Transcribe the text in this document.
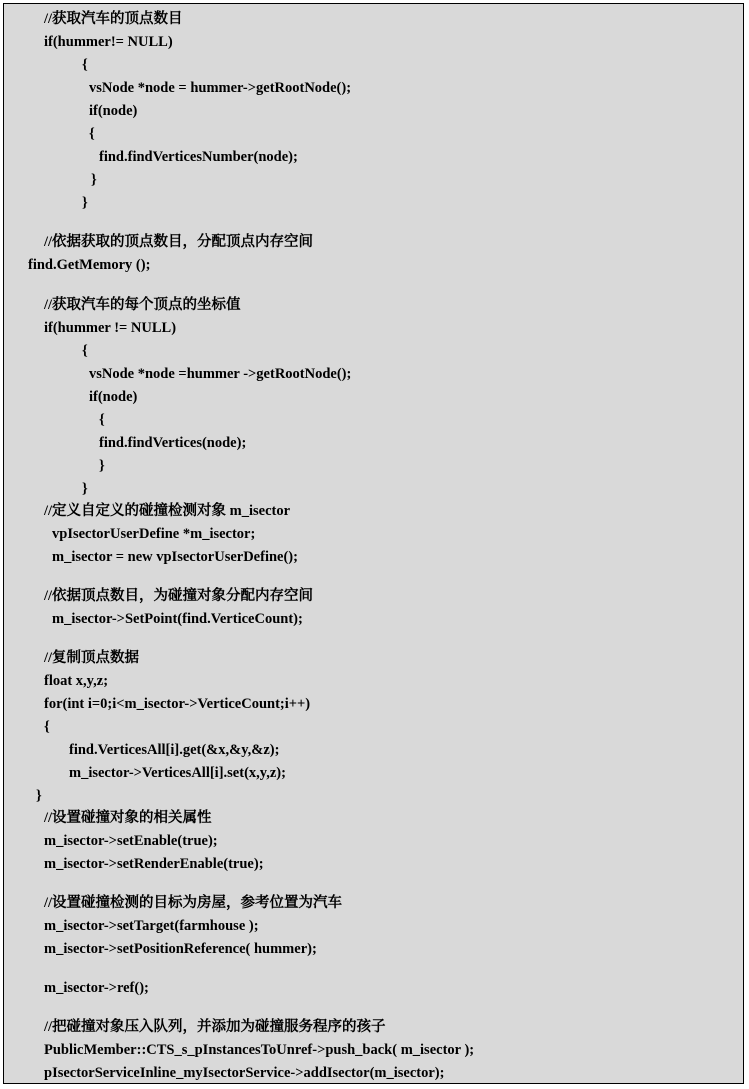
//获取汽车的顶点数目
if(hummer!= NULL)
{
vsNode *node = hummer->getRootNode();
if(node)
{
find.findVerticesNumber(node);
}
}
//依据获取的顶点数目，分配顶点内存空间
find.GetMemory ();
//获取汽车的每个顶点的坐标值
if(hummer != NULL)
{
vsNode *node =hummer ->getRootNode();
if(node)
{
find.findVertices(node);
}
}
//定义自定义的碰撞检测对象 m_isector
vpIsectorUserDefine *m_isector;
m_isector = new vpIsectorUserDefine();
//依据顶点数目，为碰撞对象分配内存空间
m_isector->SetPoint(find.VerticeCount);
//复制顶点数据
float x,y,z;
for(int i=0;i<m_isector->VerticeCount;i++)
{
find.VerticesAll[i].get(&x,&y,&z);
m_isector->VerticesAll[i].set(x,y,z);
}
//设置碰撞对象的相关属性
m_isector->setEnable(true);
m_isector->setRenderEnable(true);
//设置碰撞检测的目标为房屋，参考位置为汽车
m_isector->setTarget(farmhouse );
m_isector->setPositionReference( hummer);
m_isector->ref();
//把碰撞对象压入队列，并添加为碰撞服务程序的孩子
PublicMember::CTS_s_pInstancesToUnref->push_back( m_isector );
pIsectorServiceInline_myIsectorService->addIsector(m_isector);
